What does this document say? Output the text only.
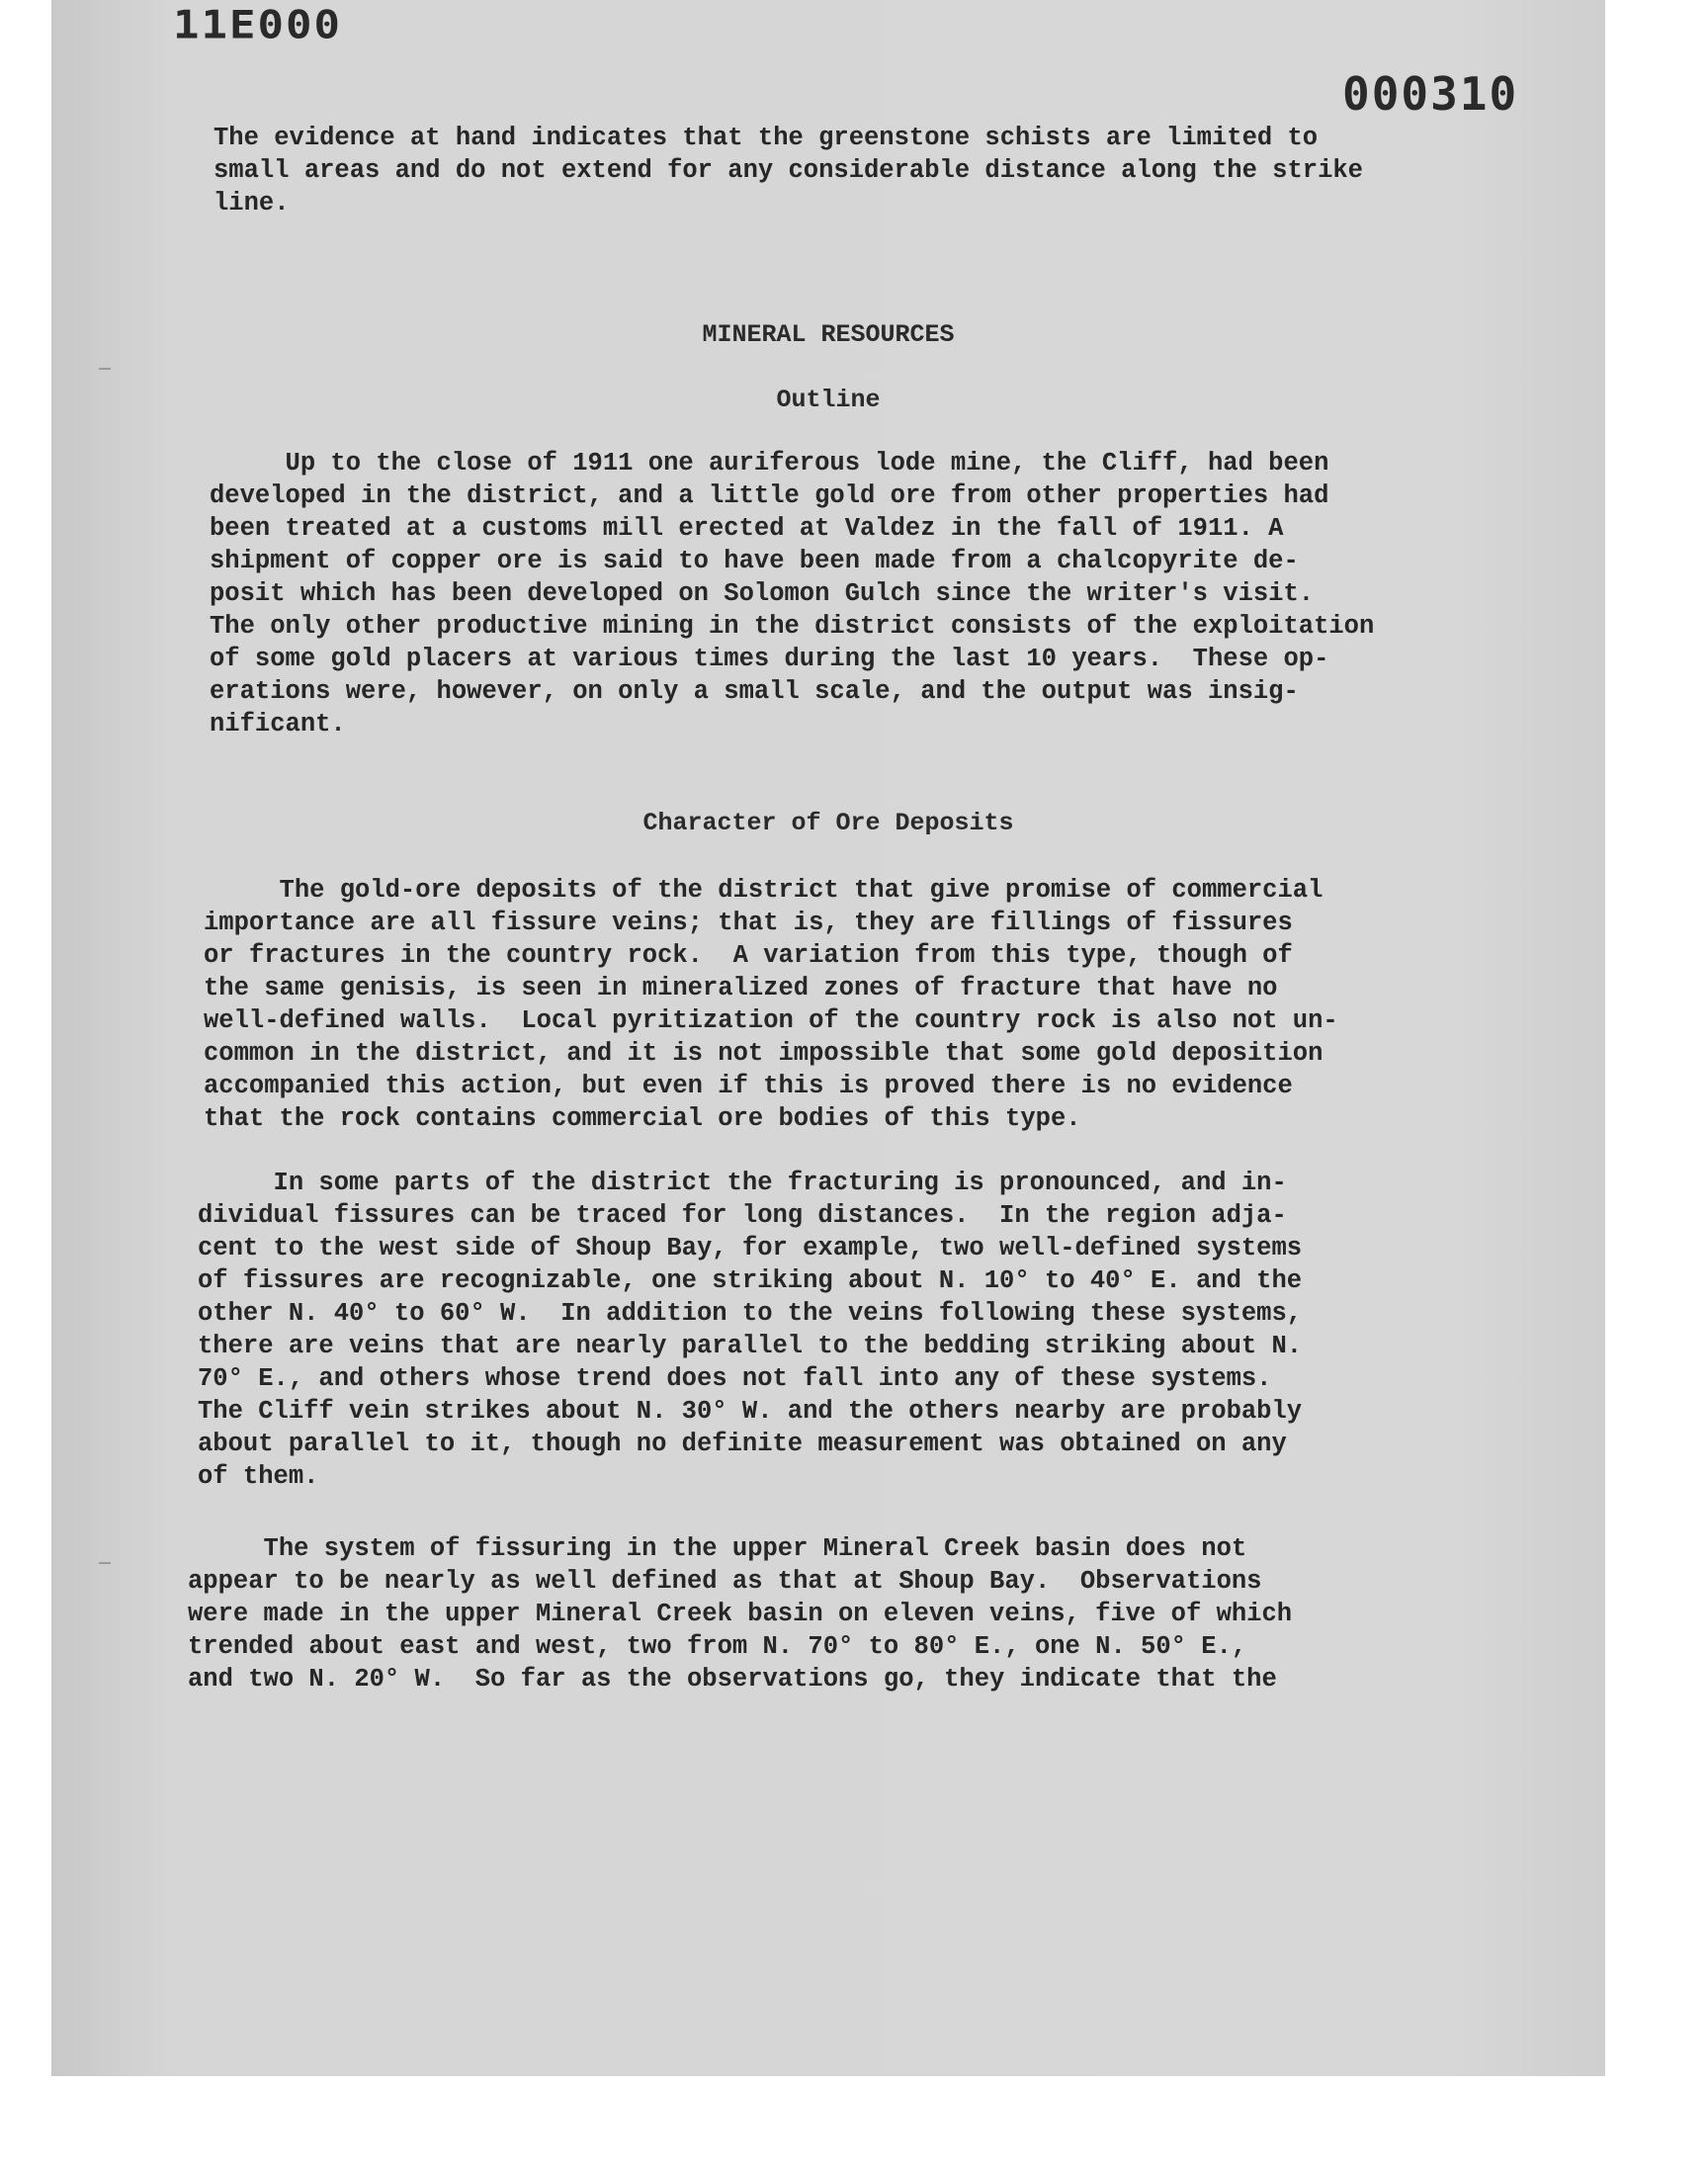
11E000
000310
The evidence at hand indicates that the greenstone schists are limited to
small areas and do not extend for any considerable distance along the strike
line.
MINERAL RESOURCES
Outline
Up to the close of 1911 one auriferous lode mine, the Cliff, had been
developed in the district, and a little gold ore from other properties had
been treated at a customs mill erected at Valdez in the fall of 1911. A
shipment of copper ore is said to have been made from a chalcopyrite de-
posit which has been developed on Solomon Gulch since the writer's visit.
The only other productive mining in the district consists of the exploitation
of some gold placers at various times during the last 10 years.  These op-
erations were, however, on only a small scale, and the output was insig-
nificant.
Character of Ore Deposits
The gold-ore deposits of the district that give promise of commercial
importance are all fissure veins; that is, they are fillings of fissures
or fractures in the country rock.  A variation from this type, though of
the same genisis, is seen in mineralized zones of fracture that have no
well-defined walls.  Local pyritization of the country rock is also not un-
common in the district, and it is not impossible that some gold deposition
accompanied this action, but even if this is proved there is no evidence
that the rock contains commercial ore bodies of this type.
In some parts of the district the fracturing is pronounced, and in-
dividual fissures can be traced for long distances.  In the region adja-
cent to the west side of Shoup Bay, for example, two well-defined systems
of fissures are recognizable, one striking about N. 10° to 40° E. and the
other N. 40° to 60° W.  In addition to the veins following these systems,
there are veins that are nearly parallel to the bedding striking about N.
70° E., and others whose trend does not fall into any of these systems.
The Cliff vein strikes about N. 30° W. and the others nearby are probably
about parallel to it, though no definite measurement was obtained on any
of them.
The system of fissuring in the upper Mineral Creek basin does not
appear to be nearly as well defined as that at Shoup Bay.  Observations
were made in the upper Mineral Creek basin on eleven veins, five of which
trended about east and west, two from N. 70° to 80° E., one N. 50° E.,
and two N. 20° W.  So far as the observations go, they indicate that the
